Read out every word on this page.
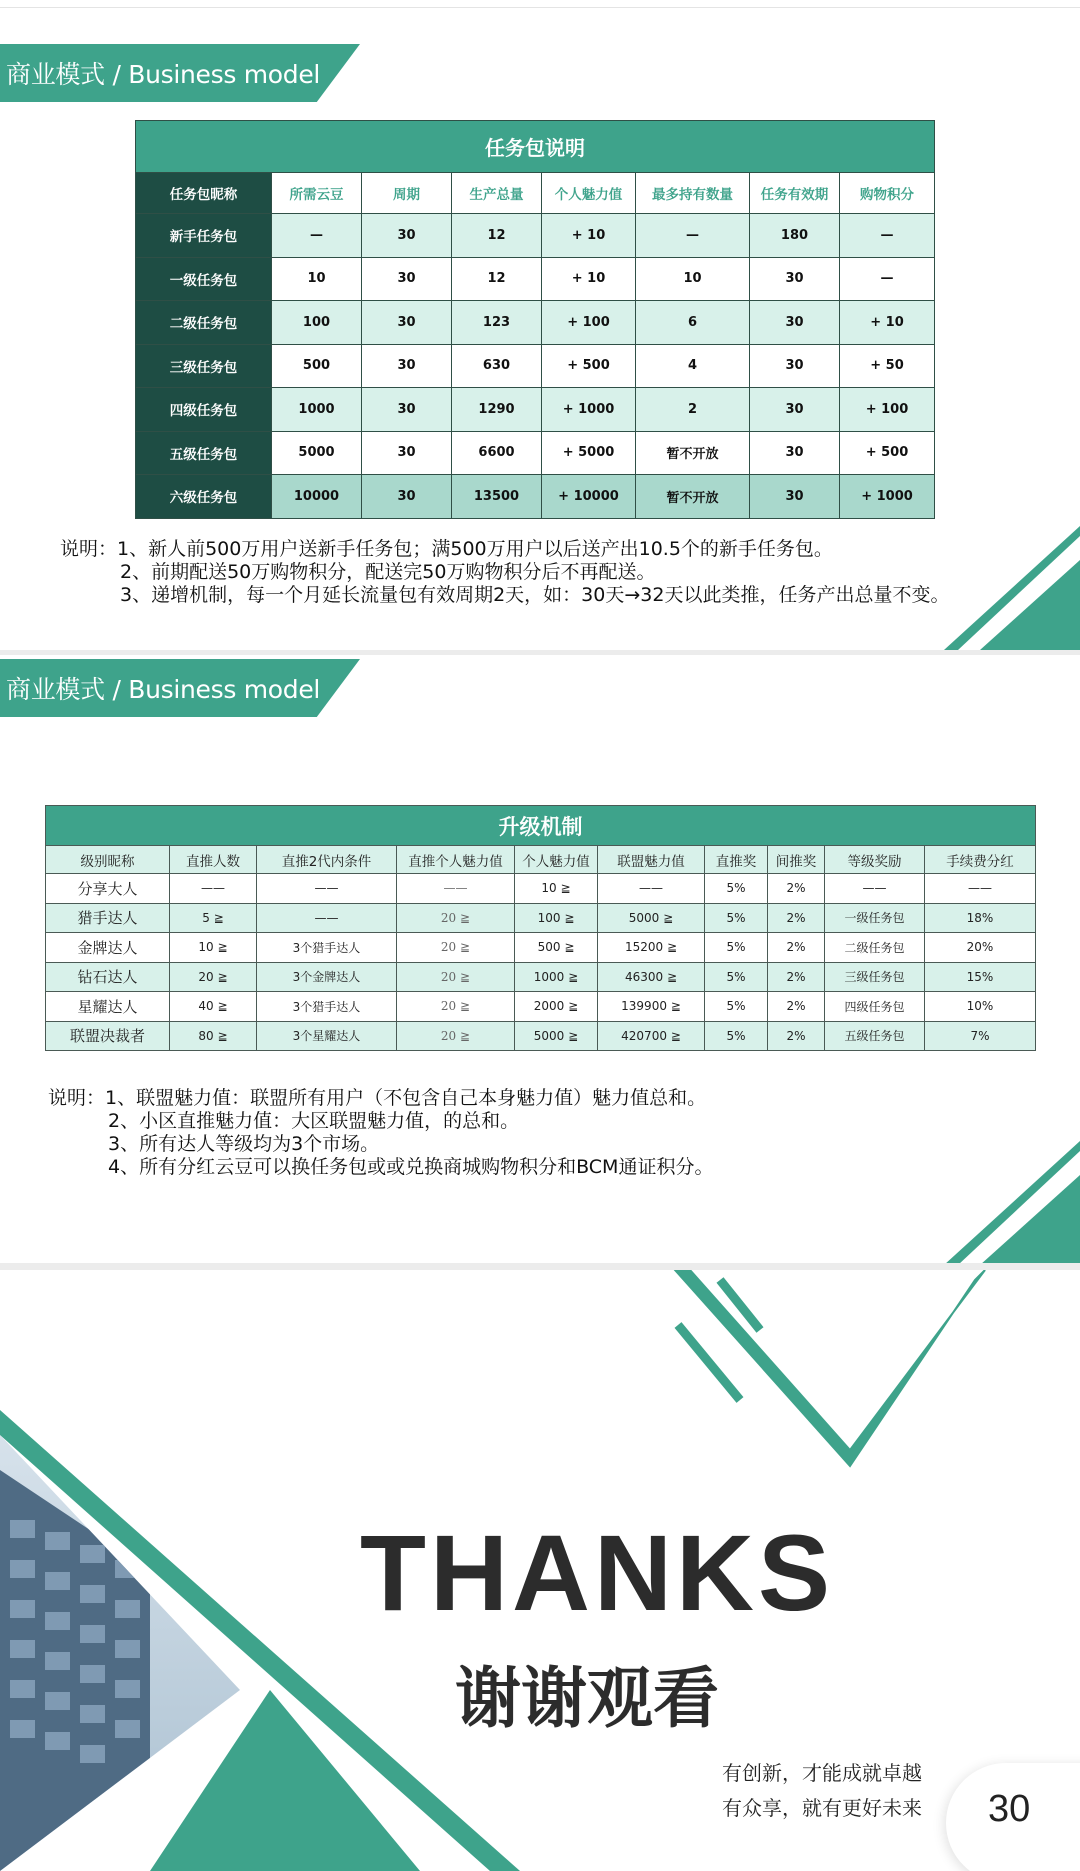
商业模式 / Business model
任务包说明							
任务包昵称	所需云豆	周期	生产总量	个人魅力值	最多持有数量	任务有效期	购物积分
新手任务包	—	30	12	+ 10	—	180	—
一级任务包	10	30	12	+ 10	10	30	—
二级任务包	100	30	123	+ 100	6	30	+ 10
三级任务包	500	30	630	+ 500	4	30	+ 50
四级任务包	1000	30	1290	+ 1000	2	30	+ 100
五级任务包	5000	30	6600	+ 5000	暂不开放	30	+ 500
六级任务包	10000	30	13500	+ 10000	暂不开放	30	+ 1000
说明：1、新人前500万用户送新手任务包；满500万用户以后送产出10.5个的新手任务包。
2、前期配送50万购物积分，配送完50万购物积分后不再配送。
3、递增机制，每一个月延长流量包有效周期2天，如：30天→32天以此类推，任务产出总量不变。
商业模式 / Business model
升级机制									
级别昵称	直推人数	直推2代内条件	直推个人魅力值	个人魅力值	联盟魅力值	直推奖	间推奖	等级奖励	手续费分红
分享大人	——	——	——	10 ≧	——	5%	2%	——	——
猎手达人	5 ≧	——	20 ≧	100 ≧	5000 ≧	5%	2%	一级任务包	18%
金牌达人	10 ≧	3个猎手达人	20 ≧	500 ≧	15200 ≧	5%	2%	二级任务包	20%
钻石达人	20 ≧	3个金牌达人	20 ≧	1000 ≧	46300 ≧	5%	2%	三级任务包	15%
星耀达人	40 ≧	3个猎手达人	20 ≧	2000 ≧	139900 ≧	5%	2%	四级任务包	10%
联盟决裁者	80 ≧	3个星耀达人	20 ≧	5000 ≧	420700 ≧	5%	2%	五级任务包	7%
说明：1、联盟魅力值：联盟所有用户（不包含自己本身魅力值）魅力值总和。
2、小区直推魅力值：大区联盟魅力值，的总和。
3、所有达人等级均为3个市场。
4、所有分红云豆可以换任务包或或兑换商城购物积分和BCM通证积分。
THANKS
谢谢观看
有创新，才能成就卓越
有众享，就有更好未来 30
